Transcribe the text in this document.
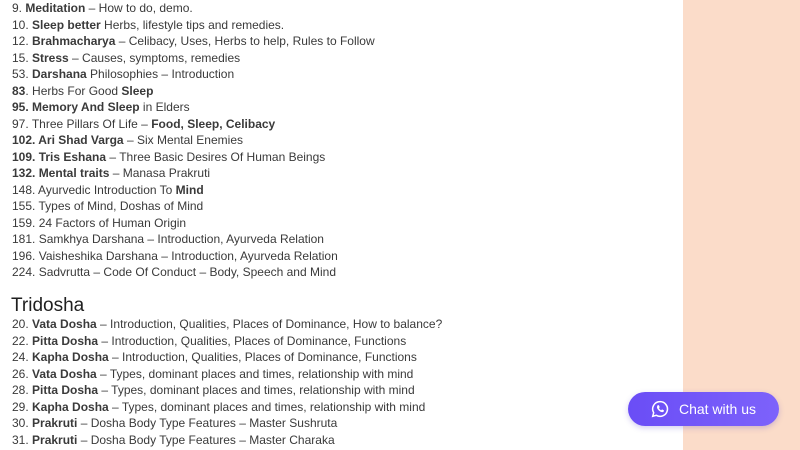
9. Meditation – How to do, demo.
10. Sleep better Herbs, lifestyle tips and remedies.
12. Brahmacharya – Celibacy, Uses, Herbs to help, Rules to Follow
15. Stress – Causes, symptoms, remedies
53. Darshana Philosophies – Introduction
83. Herbs For Good Sleep
95. Memory And Sleep in Elders
97. Three Pillars Of Life – Food, Sleep, Celibacy
102. Ari Shad Varga – Six Mental Enemies
109. Tris Eshana – Three Basic Desires Of Human Beings
132. Mental traits – Manasa Prakruti
148. Ayurvedic Introduction To Mind
155. Types of Mind, Doshas of Mind
159. 24 Factors of Human Origin
181. Samkhya Darshana – Introduction, Ayurveda Relation
196. Vaisheshika Darshana – Introduction, Ayurveda Relation
224. Sadvrutta – Code Of Conduct – Body, Speech and Mind
Tridosha
20. Vata Dosha – Introduction, Qualities, Places of Dominance, How to balance?
22. Pitta Dosha – Introduction, Qualities, Places of Dominance, Functions
24. Kapha Dosha – Introduction, Qualities, Places of Dominance, Functions
26. Vata Dosha – Types, dominant places and times, relationship with mind
28. Pitta Dosha – Types, dominant places and times, relationship with mind
29. Kapha Dosha – Types, dominant places and times, relationship with mind
30. Prakruti – Dosha Body Type Features – Master Sushruta
31. Prakruti – Dosha Body Type Features – Master Charaka
Chat with us
